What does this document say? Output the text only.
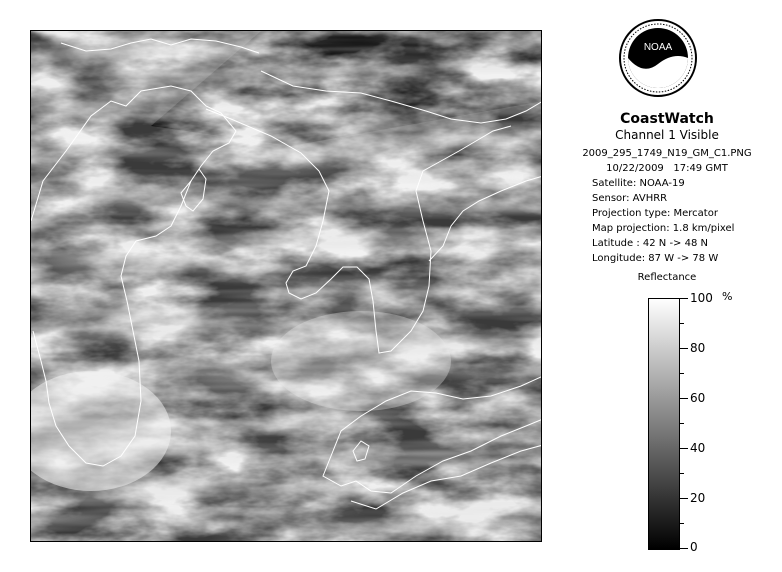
NOAA
CoastWatch
Channel 1 Visible
2009_295_1749_N19_GM_C1.PNG
10/22/2009 17:49 GMT
Satellite: NOAA-19
Sensor: AVHRR
Projection type: Mercator
Map projection: 1.8 km/pixel
Latitude : 42 N -> 48 N
Longitude: 87 W -> 78 W
Reflectance
%
100
80
60
40
20
0
